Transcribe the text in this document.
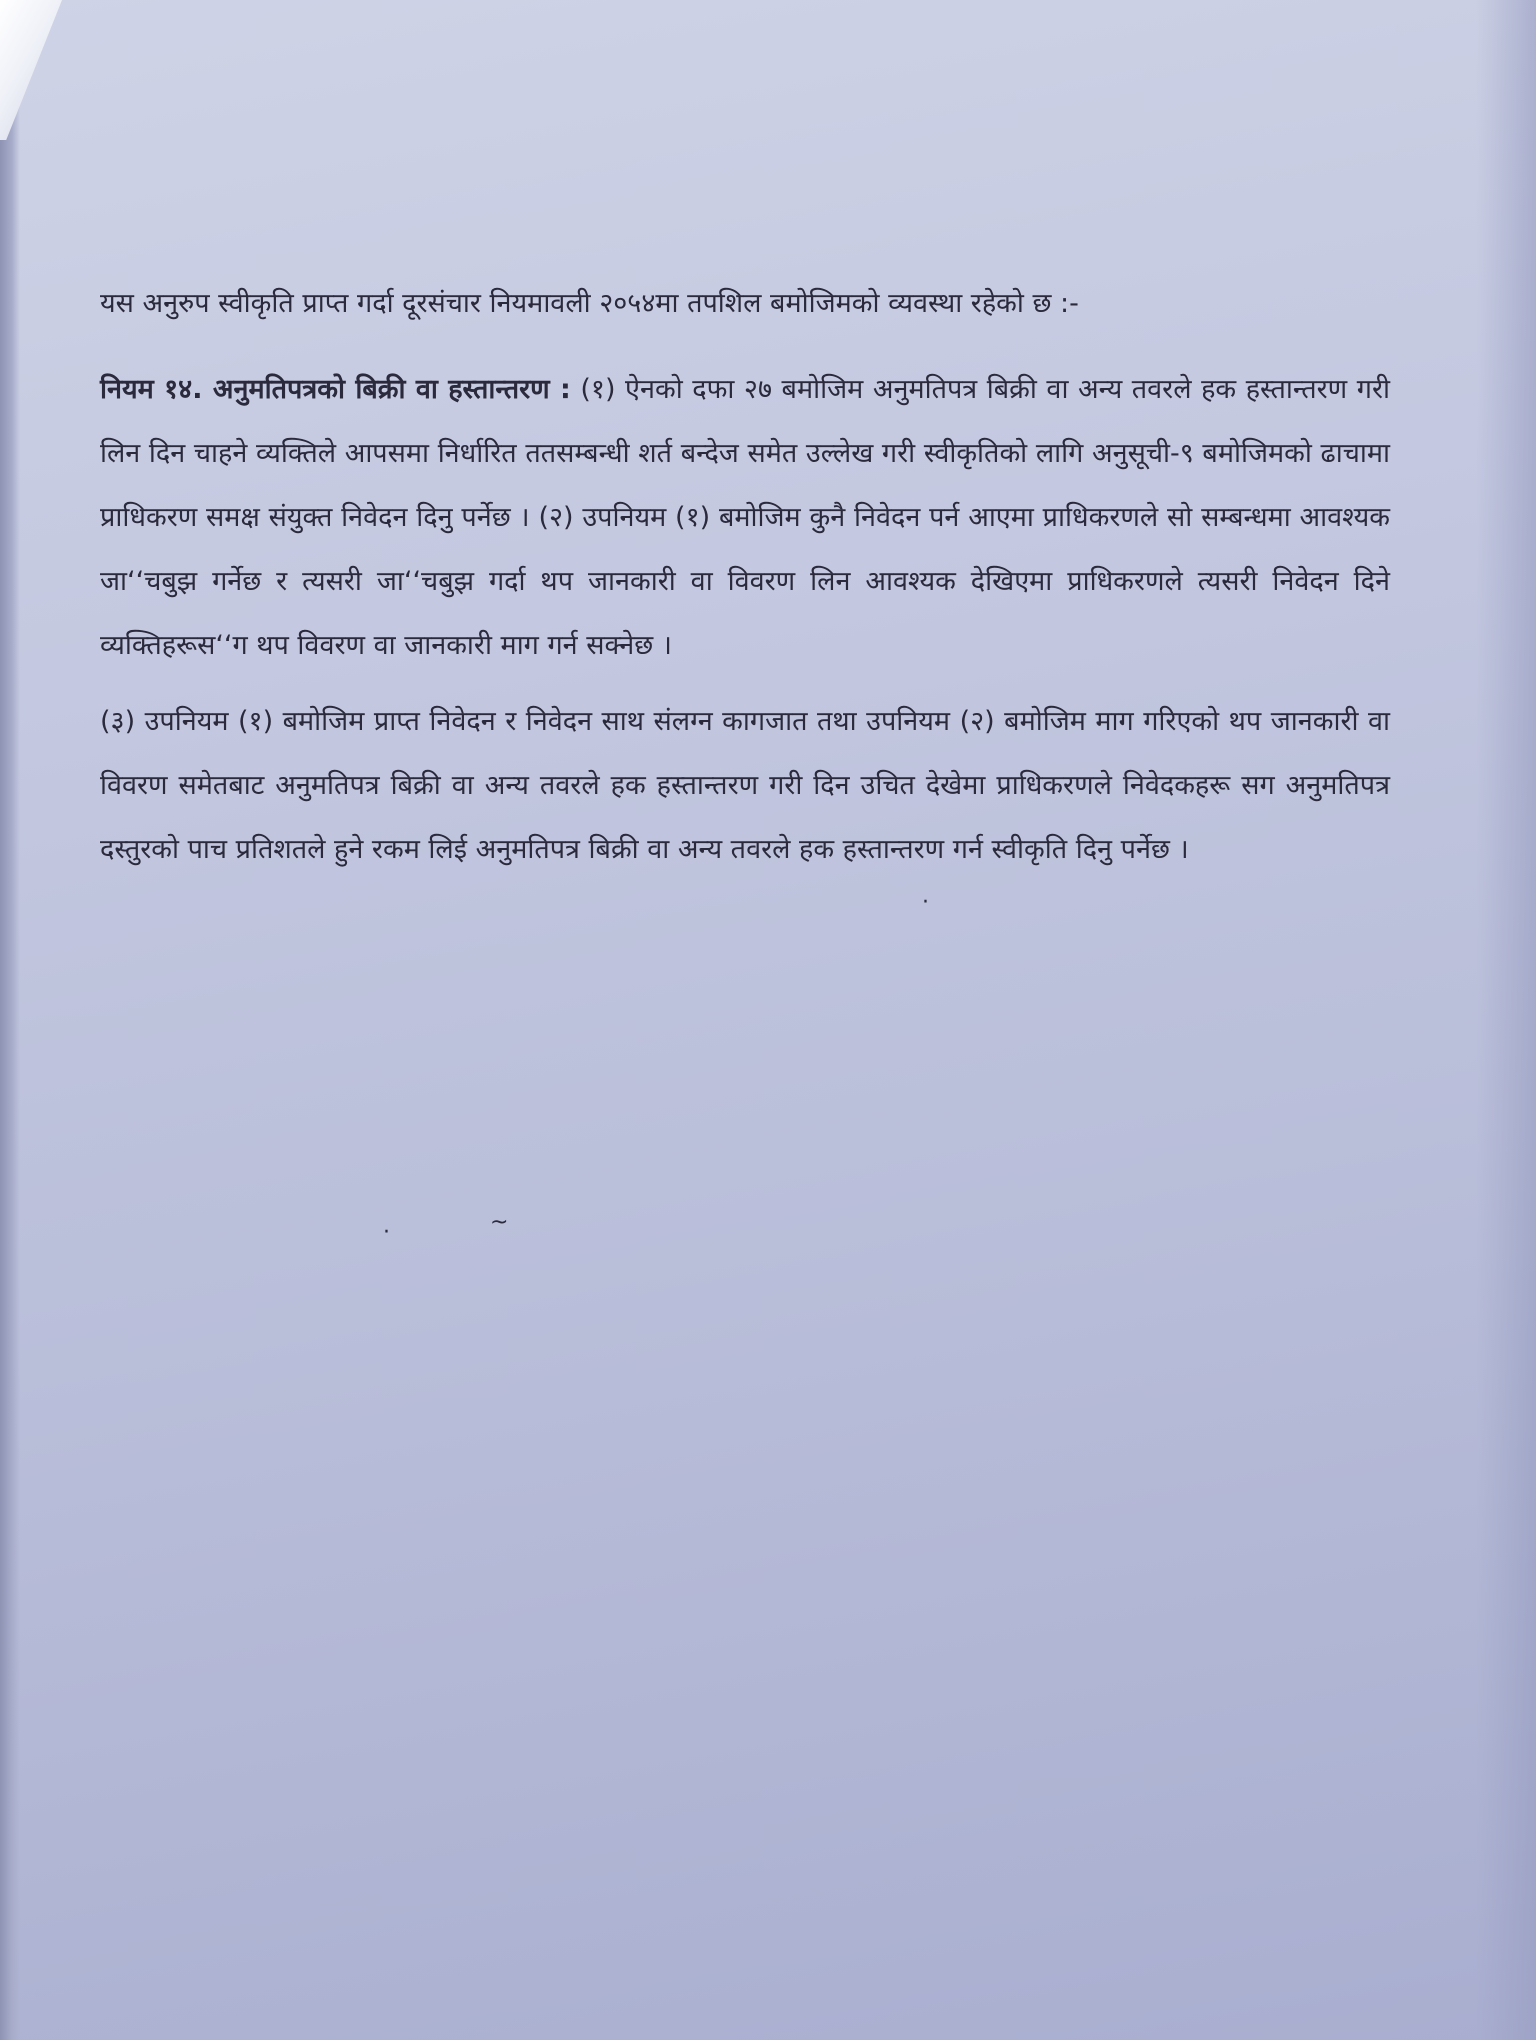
यस अनुरुप स्वीकृति प्राप्त गर्दा दूरसंचार नियमावली २०५४मा तपशिल बमोजिमको व्यवस्था रहेको छ :-

नियम १४. अनुमतिपत्रको बिक्री वा हस्तान्तरण : (१) ऐनको दफा २७ बमोजिम अनुमतिपत्र बिक्री वा अन्य तवरले हक हस्तान्तरण गरी लिन दिन चाहने व्यक्तिले आपसमा निर्धारित ततसम्बन्धी शर्त बन्देज समेत उल्लेख गरी स्वीकृतिको लागि अनुसूची-९ बमोजिमको ढाचामा प्राधिकरण समक्ष संयुक्त निवेदन दिनु पर्नेछ । (२) उपनियम (१) बमोजिम कुनै निवेदन पर्न आएमा प्राधिकरणले सो सम्बन्धमा आवश्यक जा‘‘चबुझ गर्नेछ र त्यसरी जा‘‘चबुझ गर्दा थप जानकारी वा विवरण लिन आवश्यक देखिएमा प्राधिकरणले त्यसरी निवेदन दिने व्यक्तिहरूस‘‘ग थप विवरण वा जानकारी माग गर्न सक्नेछ ।

(३) उपनियम (१) बमोजिम प्राप्त निवेदन र निवेदन साथ संलग्न कागजात तथा उपनियम (२) बमोजिम माग गरिएको थप जानकारी वा विवरण समेतबाट अनुमतिपत्र बिक्री वा अन्य तवरले हक हस्तान्तरण गरी दिन उचित देखेमा प्राधिकरणले निवेदकहरू सग अनुमतिपत्र दस्तुरको पाच प्रतिशतले हुने रकम लिई अनुमतिपत्र बिक्री वा अन्य तवरले हक हस्तान्तरण गर्न स्वीकृति दिनु पर्नेछ ।

·	~
·
